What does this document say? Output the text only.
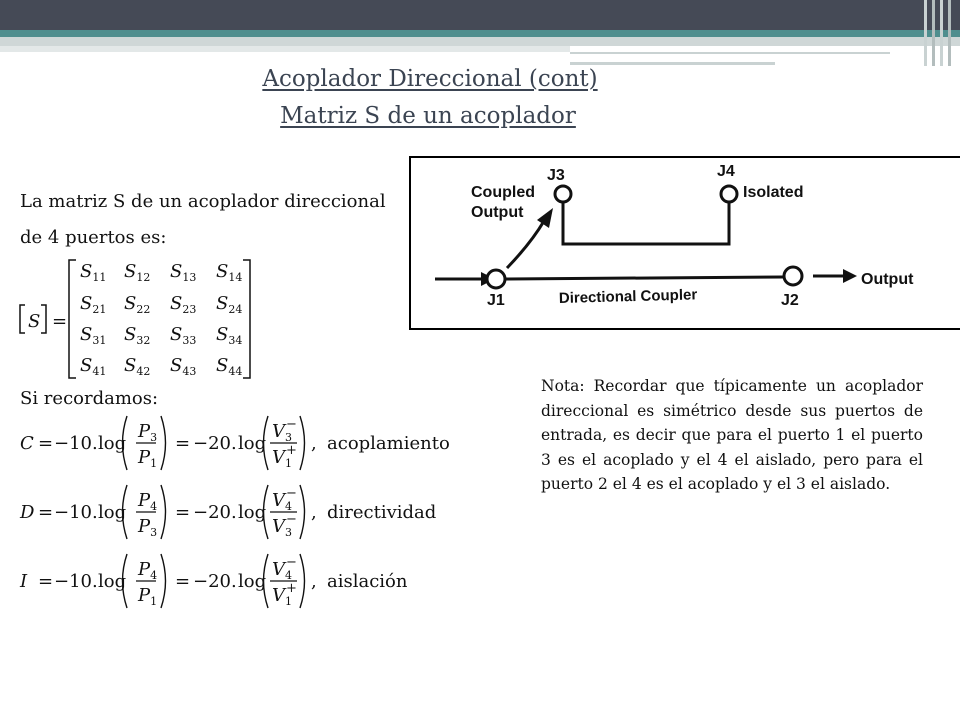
Acoplador Direccional (cont)
Matriz S de un acoplador
La matriz S de un acoplador direccional
de 4 puertos es:
S =
$S_{11}$ $S_{12}$ $S_{13}$ $S_{14}$
$S_{21}$ $S_{22}$ $S_{23}$ $S_{24}$
$S_{31}$ $S_{32}$ $S_{33}$ $S_{34}$
$S_{41}$ $S_{42}$ $S_{43}$ $S_{44}$
C = −10. log
$P_3$
$P_1$
= −20. log
$V_3-$
$V_1+$ , acoplamiento
D = −10. log
$P_4$
$P_3$
= −20. log
$V_4-$
$V_3-$ , directividad
I = −10. log
$P_4$
$P_1$
= −20. log
$V_4-$
$V_1+$ , aislación
Si recordamos:
J3	J4
Coupled
Output
Isolated
Output
J1	J2
Directional Coupler
Nota: Recordar que típicamente un acoplador direccional es simétrico desde sus puertos de entrada, es decir que para el puerto 1 el puerto 3 es el acoplado y el 4 el aislado, pero para el puerto 2 el 4 es el acoplado y el 3 el aislado.
